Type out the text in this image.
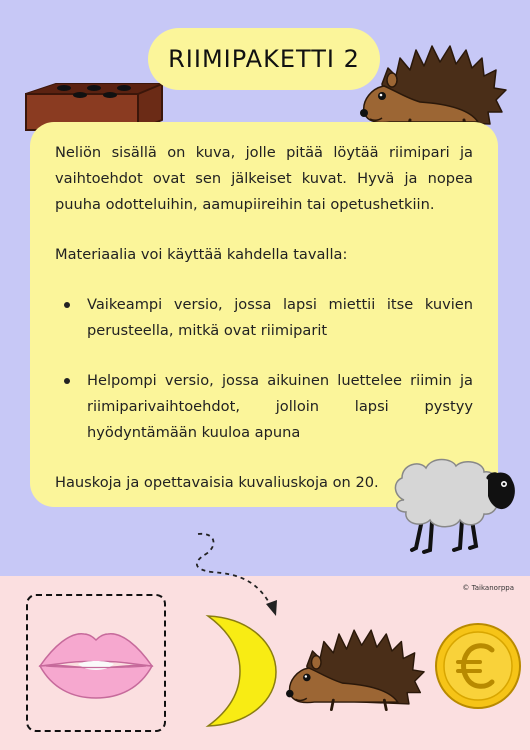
RIIMIPAKETTI 2

Neliön sisällä on kuva, jolle pitää löytää riimipari ja vaihtoehdot ovat sen jälkeiset kuvat. Hyvä ja nopea puuha odotteluihin, aamupiireihin tai opetushetkiin.

Materiaalia voi käyttää kahdella tavalla:

Vaikeampi versio, jossa lapsi miettii itse kuvien perusteella, mitkä ovat riimiparit
Helpompi versio, jossa aikuinen luettelee riimin ja riimiparivaihtoehdot, jolloin lapsi pystyy hyödyntämään kuuloa apuna

Hauskoja ja opettavaisia kuvaliuskoja on 20.

© Taikanorppa
